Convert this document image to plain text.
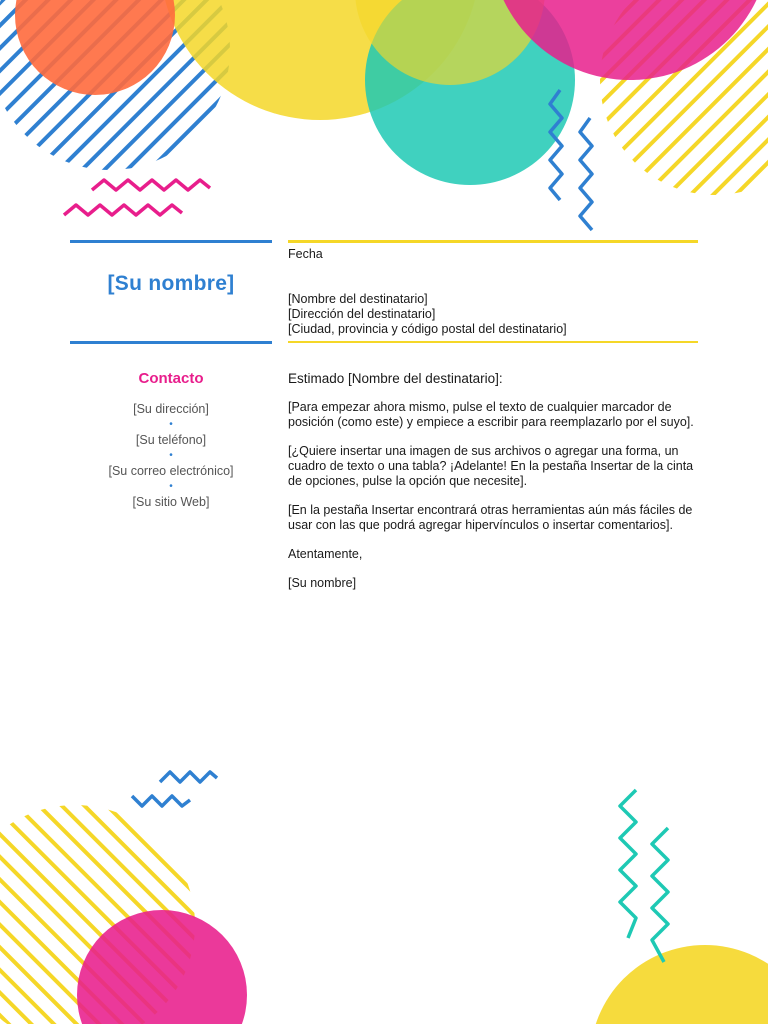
[Su nombre]
Contacto
[Su dirección]
•
[Su teléfono]
•
[Su correo electrónico]
•
[Su sitio Web]
Fecha
[Nombre del destinatario]
[Dirección del destinatario]
[Ciudad, provincia y código postal del destinatario]

Estimado [Nombre del destinatario]:

[Para empezar ahora mismo, pulse el texto de cualquier marcador de posición (como este) y empiece a escribir para reemplazarlo por el suyo].

[¿Quiere insertar una imagen de sus archivos o agregar una forma, un cuadro de texto o una tabla? ¡Adelante! En la pestaña Insertar de la cinta de opciones, pulse la opción que necesite].

[En la pestaña Insertar encontrará otras herramientas aún más fáciles de usar con las que podrá agregar hipervínculos o insertar comentarios].

Atentamente,

[Su nombre]
